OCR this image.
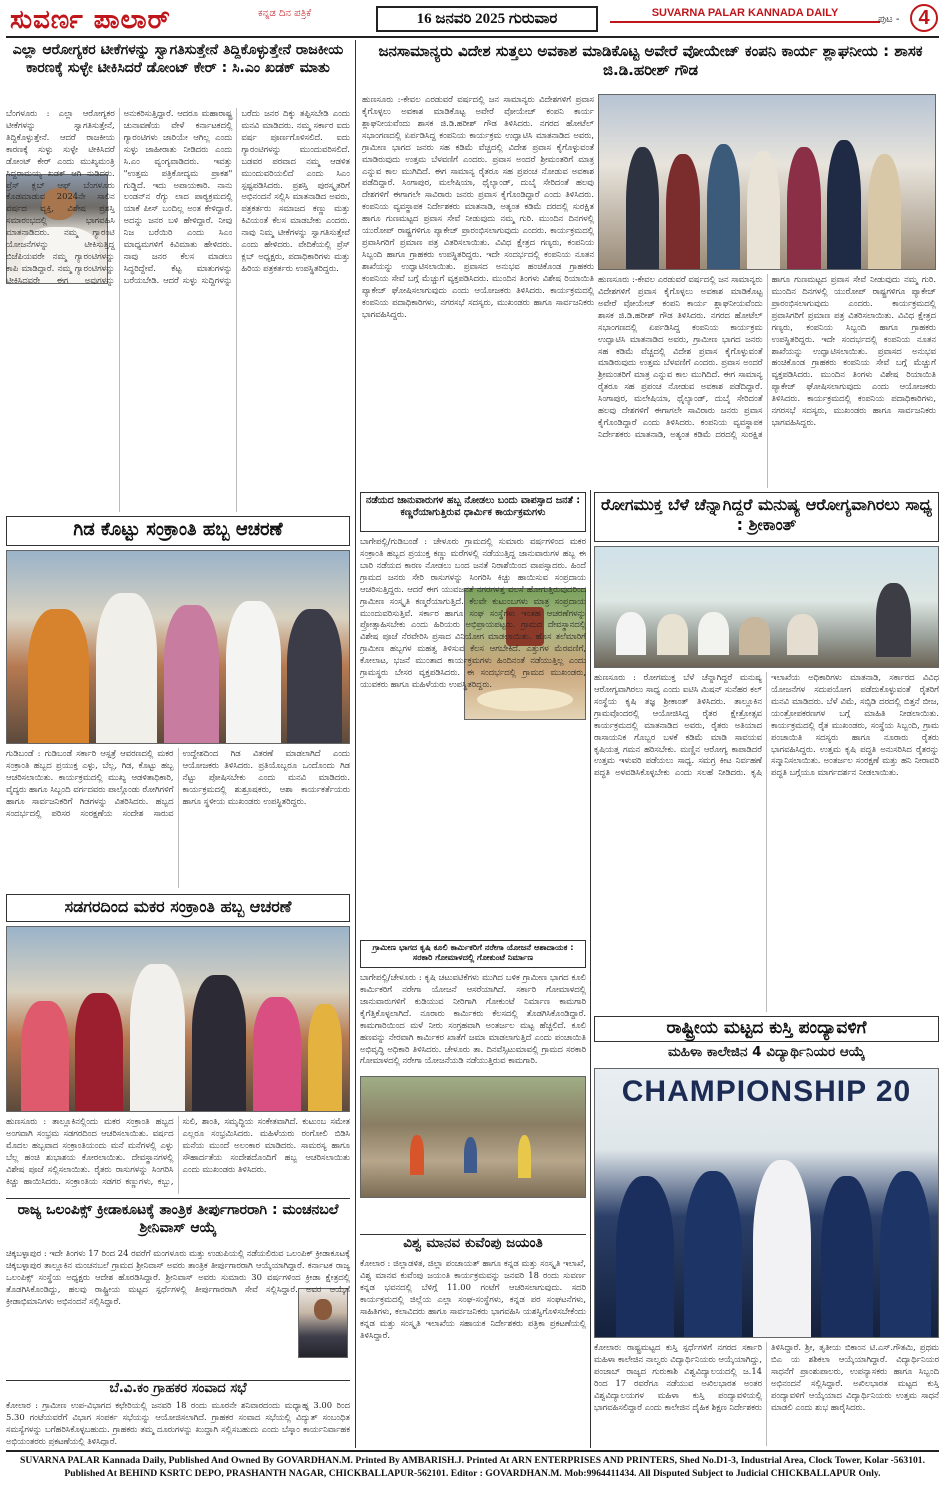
ಸುವರ್ಣ ಪಾಲಾರ್	ಕನ್ನಡ ದಿನ ಪತ್ರಿಕೆ	16 ಜನವರಿ 2025 ಗುರುವಾರ	SUVARNA PALAR KANNADA DAILY
ಪುಟ - 4
ಎಲ್ಲಾ ಆರೋಗ್ಯಕರ ಟೀಕೆಗಳನ್ನು ಸ್ವಾಗತಿಸುತ್ತೇನೆ ತಿದ್ದಿಕೊಳ್ಳುತ್ತೇನೆ ರಾಜಕೀಯ ಕಾರಣಕ್ಕೆ ಸುಳ್ಳೇ ಟೀಕಿಸಿದರೆ ಡೋಂಟ್ ಕೇರ್ : ಸಿ.ಎಂ ಖಡಕ್ ಮಾತು
ಬೆಂಗಳೂರು : ಎಲ್ಲಾ ಆರೋಗ್ಯಕರ ಟೀಕೆಗಳನ್ನು ಸ್ವಾಗತಿಸುತ್ತೇನೆ, ತಿದ್ದಿಕೊಳ್ಳುತ್ತೇನೆ. ಆದರೆ ರಾಜಕೀಯ ಕಾರಣಕ್ಕೆ ಸುಳ್ಳು ಸುಳ್ಳೇ ಟೀಕಿಸಿದರೆ ಡೋಂಟ್ ಕೇರ್ ಎಂದು ಮುಖ್ಯಮಂತ್ರಿ ಸಿದ್ದರಾಮಯ್ಯ ಖಡಕ್ ಆಗಿ ನುಡಿದರು. ಪ್ರೆಸ್ ಕ್ಲಬ್ ಆಫ್ ಬೆಂಗಳೂರು ಕೊಡಮಾಡುವ 2024ನೇ ಸಾಲಿನ ವರ್ಷದ ವ್ಯಕ್ತಿ, ವಿಶೇಷ ಪ್ರಶಸ್ತಿ ಸಮಾರಂಭದಲ್ಲಿ ಭಾಗವಹಿಸಿ ಮಾತನಾಡಿದರು. ನಮ್ಮ ಗ್ಯಾರಂಟಿ ಯೋಜನೆಗಳನ್ನು ಟೀಕಿಸುತ್ತಿದ್ದ ಬಿಜೆಪಿಯವರೇ ನಮ್ಮ ಗ್ಯಾರಂಟಿಗಳನ್ನು ಕಾಪಿ ಮಾಡಿದ್ದಾರೆ. ನಮ್ಮ ಗ್ಯಾರಂಟಿಗಳನ್ನು ಟೀಕಿಸಿದವರೇ ಈಗ ಅವುಗಳನ್ನು ಅನುಕರಿಸುತ್ತಿದ್ದಾರೆ. ಆದರೂ ಮಹಾರಾಷ್ಟ್ರ ಚುನಾವಣೆಯ ವೇಳೆ ಕರ್ನಾಟಕದಲ್ಲಿ ಗ್ಯಾರಂಟಿಗಳು ಜಾರಿಯೇ ಆಗಿಲ್ಲ ಎಂದು ಸುಳ್ಳು ಜಾಹೀರಾತು ನೀಡಿದರು ಎಂದು ಸಿ.ಎಂ ವ್ಯಂಗ್ಯವಾಡಿದರು. ಇವತ್ತು "ಉತ್ತಮ ಪತ್ರಿಕೋದ್ಯಮ ಪ್ರಾಕಶ" ಗುಡ್ಡಿದೆ. ಇದು ಅಪಾಯಕಾರಿ. ನಾನು ಲಂಡನ್‌ನ ರೆಗ್ಯು ಲಾದ ಪಾಠ್ಯಕ್ರಮದಲ್ಲಿ ಯಾಕೆ ಪೀಸ್ ಬಂದಿಲ್ಲ ಅಂತ ಕೇಳಿದ್ದಾರೆ. ಅದನ್ನು ಜನರ ಬಳಿ ಹೇಳಿದ್ದಾರೆ. ನೀವು ನಿಜ ಬರೆಯಿರಿ ಎಂದು ಸಿಎಂ ಮಾಧ್ಯಮಗಳಿಗೆ ಕಿವಿಮಾತು ಹೇಳಿದರು. ನಾವು ಜನರ ಕೆಲಸ ಮಾಡಲು ಸಿದ್ಧರಿದ್ದೇವೆ. ಕೆಟ್ಟ ಮಾತುಗಳನ್ನು ಬರೆಯಬೇಡಿ. ಆದರೆ ಸುಳ್ಳು ಸುದ್ದಿಗಳನ್ನು ಬರೆದು ಜನರ ದಿಕ್ಕು ತಪ್ಪಿಸಬೇಡಿ ಎಂದು ಮನವಿ ಮಾಡಿದರು. ನಮ್ಮ ಸರ್ಕಾರ ಐದು ವರ್ಷ ಪೂರ್ಣಗೊಳಿಸಲಿದೆ. ಐದು ಗ್ಯಾರಂಟಿಗಳನ್ನು ಮುಂದುವರಿಸಲಿದೆ. ಬಡವರ ಪರವಾದ ನಮ್ಮ ಆಡಳಿತ ಮುಂದುವರಿಯಲಿದೆ ಎಂದು ಸಿಎಂ ಸ್ಪಷ್ಟಪಡಿಸಿದರು. ಪ್ರಶಸ್ತಿ ಪುರಸ್ಕೃತರಿಗೆ ಅಭಿನಂದನೆ ಸಲ್ಲಿಸಿ ಮಾತನಾಡಿದ ಅವರು, ಪತ್ರಕರ್ತರು ಸಮಾಜದ ಕಣ್ಣು ಮತ್ತು ಕಿವಿಯಂತೆ ಕೆಲಸ ಮಾಡಬೇಕು ಎಂದರು. ನಾವು ನಿಮ್ಮ ಟೀಕೆಗಳನ್ನು ಸ್ವಾಗತಿಸುತ್ತೇವೆ ಎಂದು ಹೇಳಿದರು. ವೇದಿಕೆಯಲ್ಲಿ ಪ್ರೆಸ್ ಕ್ಲಬ್ ಅಧ್ಯಕ್ಷರು, ಪದಾಧಿಕಾರಿಗಳು ಮತ್ತು ಹಿರಿಯ ಪತ್ರಕರ್ತರು ಉಪಸ್ಥಿತರಿದ್ದರು.
ಜನಸಾಮಾನ್ಯರು ವಿದೇಶ ಸುತ್ತಲು ಅವಕಾಶ ಮಾಡಿಕೊಟ್ಟ ಅವೇರೆ ವೋಯೇಜ್ ಕಂಪನಿ ಕಾರ್ಯ ಶ್ಲಾಘನೀಯ : ಶಾಸಕ ಜಿ.ಡಿ.ಹರೀಶ್ ಗೌಡ
ಹುಣಸೂರು :-ಕೇವಲ ಎರಡುವರೆ ವರ್ಷದಲ್ಲಿ ಜನ ಸಾಮಾನ್ಯರು ವಿದೇಶಗಳಿಗೆ ಪ್ರವಾಸ ಕೈಗೊಳ್ಳಲು ಅವಕಾಶ ಮಾಡಿಕೊಟ್ಟ ಅವೇರೆ ವೋಯೇಜ್ ಕಂಪನಿ ಕಾರ್ಯ ಶ್ಲಾಘನೀಯವೆಂದು ಶಾಸಕ ಜಿ.ಡಿ.ಹರೀಶ್ ಗೌಡ ತಿಳಿಸಿದರು. ನಗರದ ಹೋಟೆಲ್ ಸಭಾಂಗಣದಲ್ಲಿ ಏರ್ಪಡಿಸಿದ್ದ ಕಂಪನಿಯ ಕಾರ್ಯಕ್ರಮ ಉದ್ಘಾಟಿಸಿ ಮಾತನಾಡಿದ ಅವರು, ಗ್ರಾಮೀಣ ಭಾಗದ ಜನರು ಸಹ ಕಡಿಮೆ ವೆಚ್ಚದಲ್ಲಿ ವಿದೇಶ ಪ್ರವಾಸ ಕೈಗೊಳ್ಳುವಂತೆ ಮಾಡಿರುವುದು ಉತ್ತಮ ಬೆಳವಣಿಗೆ ಎಂದರು. ಪ್ರವಾಸ ಅಂದರೆ ಶ್ರೀಮಂತರಿಗೆ ಮಾತ್ರ ಎನ್ನುವ ಕಾಲ ಮುಗಿದಿದೆ. ಈಗ ಸಾಮಾನ್ಯ ರೈತರೂ ಸಹ ಪ್ರಪಂಚ ನೋಡುವ ಅವಕಾಶ ಪಡೆದಿದ್ದಾರೆ. ಸಿಂಗಾಪುರ, ಮಲೇಷಿಯಾ, ಥೈಲ್ಯಾಂಡ್, ದುಬೈ ಸೇರಿದಂತೆ ಹಲವು ದೇಶಗಳಿಗೆ ಈಗಾಗಲೇ ಸಾವಿರಾರು ಜನರು ಪ್ರವಾಸ ಕೈಗೊಂಡಿದ್ದಾರೆ ಎಂದು ತಿಳಿಸಿದರು. ಕಂಪನಿಯ ವ್ಯವಸ್ಥಾಪಕ ನಿರ್ದೇಶಕರು ಮಾತನಾಡಿ, ಅತ್ಯಂತ ಕಡಿಮೆ ದರದಲ್ಲಿ ಸುರಕ್ಷಿತ ಹಾಗೂ ಗುಣಮಟ್ಟದ ಪ್ರವಾಸ ಸೇವೆ ನೀಡುವುದು ನಮ್ಮ ಗುರಿ. ಮುಂದಿನ ದಿನಗಳಲ್ಲಿ ಯುರೋಪ್ ರಾಷ್ಟ್ರಗಳಿಗೂ ಪ್ಯಾಕೇಜ್ ಪ್ರಾರಂಭಿಸಲಾಗುವುದು ಎಂದರು. ಕಾರ್ಯಕ್ರಮದಲ್ಲಿ ಪ್ರವಾಸಿಗರಿಗೆ ಪ್ರಮಾಣ ಪತ್ರ ವಿತರಿಸಲಾಯಿತು. ವಿವಿಧ ಕ್ಷೇತ್ರದ ಗಣ್ಯರು, ಕಂಪನಿಯ ಸಿಬ್ಬಂದಿ ಹಾಗೂ ಗ್ರಾಹಕರು ಉಪಸ್ಥಿತರಿದ್ದರು. ಇದೇ ಸಂದರ್ಭದಲ್ಲಿ ಕಂಪನಿಯ ನೂತನ ಶಾಖೆಯನ್ನು ಉದ್ಘಾಟಿಸಲಾಯಿತು. ಪ್ರವಾಸದ ಅನುಭವ ಹಂಚಿಕೊಂಡ ಗ್ರಾಹಕರು ಕಂಪನಿಯ ಸೇವೆ ಬಗ್ಗೆ ಮೆಚ್ಚುಗೆ ವ್ಯಕ್ತಪಡಿಸಿದರು. ಮುಂದಿನ ತಿಂಗಳು ವಿಶೇಷ ರಿಯಾಯಿತಿ ಪ್ಯಾಕೇಜ್ ಘೋಷಿಸಲಾಗುವುದು ಎಂದು ಆಯೋಜಕರು ತಿಳಿಸಿದರು. ಕಾರ್ಯಕ್ರಮದಲ್ಲಿ ಕಂಪನಿಯ ಪದಾಧಿಕಾರಿಗಳು, ನಗರಸಭೆ ಸದಸ್ಯರು, ಮುಖಂಡರು ಹಾಗೂ ಸಾರ್ವಜನಿಕರು ಭಾಗವಹಿಸಿದ್ದರು.
ಹುಣಸೂರು :-ಕೇವಲ ಎರಡುವರೆ ವರ್ಷದಲ್ಲಿ ಜನ ಸಾಮಾನ್ಯರು ವಿದೇಶಗಳಿಗೆ ಪ್ರವಾಸ ಕೈಗೊಳ್ಳಲು ಅವಕಾಶ ಮಾಡಿಕೊಟ್ಟ ಅವೇರೆ ವೋಯೇಜ್ ಕಂಪನಿ ಕಾರ್ಯ ಶ್ಲಾಘನೀಯವೆಂದು ಶಾಸಕ ಜಿ.ಡಿ.ಹರೀಶ್ ಗೌಡ ತಿಳಿಸಿದರು. ನಗರದ ಹೋಟೆಲ್ ಸಭಾಂಗಣದಲ್ಲಿ ಏರ್ಪಡಿಸಿದ್ದ ಕಂಪನಿಯ ಕಾರ್ಯಕ್ರಮ ಉದ್ಘಾಟಿಸಿ ಮಾತನಾಡಿದ ಅವರು, ಗ್ರಾಮೀಣ ಭಾಗದ ಜನರು ಸಹ ಕಡಿಮೆ ವೆಚ್ಚದಲ್ಲಿ ವಿದೇಶ ಪ್ರವಾಸ ಕೈಗೊಳ್ಳುವಂತೆ ಮಾಡಿರುವುದು ಉತ್ತಮ ಬೆಳವಣಿಗೆ ಎಂದರು. ಪ್ರವಾಸ ಅಂದರೆ ಶ್ರೀಮಂತರಿಗೆ ಮಾತ್ರ ಎನ್ನುವ ಕಾಲ ಮುಗಿದಿದೆ. ಈಗ ಸಾಮಾನ್ಯ ರೈತರೂ ಸಹ ಪ್ರಪಂಚ ನೋಡುವ ಅವಕಾಶ ಪಡೆದಿದ್ದಾರೆ. ಸಿಂಗಾಪುರ, ಮಲೇಷಿಯಾ, ಥೈಲ್ಯಾಂಡ್, ದುಬೈ ಸೇರಿದಂತೆ ಹಲವು ದೇಶಗಳಿಗೆ ಈಗಾಗಲೇ ಸಾವಿರಾರು ಜನರು ಪ್ರವಾಸ ಕೈಗೊಂಡಿದ್ದಾರೆ ಎಂದು ತಿಳಿಸಿದರು. ಕಂಪನಿಯ ವ್ಯವಸ್ಥಾಪಕ ನಿರ್ದೇಶಕರು ಮಾತನಾಡಿ, ಅತ್ಯಂತ ಕಡಿಮೆ ದರದಲ್ಲಿ ಸುರಕ್ಷಿತ ಹಾಗೂ ಗುಣಮಟ್ಟದ ಪ್ರವಾಸ ಸೇವೆ ನೀಡುವುದು ನಮ್ಮ ಗುರಿ. ಮುಂದಿನ ದಿನಗಳಲ್ಲಿ ಯುರೋಪ್ ರಾಷ್ಟ್ರಗಳಿಗೂ ಪ್ಯಾಕೇಜ್ ಪ್ರಾರಂಭಿಸಲಾಗುವುದು ಎಂದರು. ಕಾರ್ಯಕ್ರಮದಲ್ಲಿ ಪ್ರವಾಸಿಗರಿಗೆ ಪ್ರಮಾಣ ಪತ್ರ ವಿತರಿಸಲಾಯಿತು. ವಿವಿಧ ಕ್ಷೇತ್ರದ ಗಣ್ಯರು, ಕಂಪನಿಯ ಸಿಬ್ಬಂದಿ ಹಾಗೂ ಗ್ರಾಹಕರು ಉಪಸ್ಥಿತರಿದ್ದರು. ಇದೇ ಸಂದರ್ಭದಲ್ಲಿ ಕಂಪನಿಯ ನೂತನ ಶಾಖೆಯನ್ನು ಉದ್ಘಾಟಿಸಲಾಯಿತು. ಪ್ರವಾಸದ ಅನುಭವ ಹಂಚಿಕೊಂಡ ಗ್ರಾಹಕರು ಕಂಪನಿಯ ಸೇವೆ ಬಗ್ಗೆ ಮೆಚ್ಚುಗೆ ವ್ಯಕ್ತಪಡಿಸಿದರು. ಮುಂದಿನ ತಿಂಗಳು ವಿಶೇಷ ರಿಯಾಯಿತಿ ಪ್ಯಾಕೇಜ್ ಘೋಷಿಸಲಾಗುವುದು ಎಂದು ಆಯೋಜಕರು ತಿಳಿಸಿದರು. ಕಾರ್ಯಕ್ರಮದಲ್ಲಿ ಕಂಪನಿಯ ಪದಾಧಿಕಾರಿಗಳು, ನಗರಸಭೆ ಸದಸ್ಯರು, ಮುಖಂಡರು ಹಾಗೂ ಸಾರ್ವಜನಿಕರು ಭಾಗವಹಿಸಿದ್ದರು.
ಗಿಡ ಕೊಟ್ಟು ಸಂಕ್ರಾಂತಿ ಹಬ್ಬ ಆಚರಣೆ
ಗುಡಿಬಂಡೆ : ಗುಡಿಬಂಡೆ ಸರ್ಕಾರಿ ಆಸ್ಪತ್ರೆ ಆವರಣದಲ್ಲಿ ಮಕರ ಸಂಕ್ರಾಂತಿ ಹಬ್ಬದ ಪ್ರಯುಕ್ತ ಎಳ್ಳು, ಬೆಲ್ಲ, ಗಿಡ, ಕೊಟ್ಟು ಹಬ್ಬ ಆಚರಿಸಲಾಯಿತು. ಕಾರ್ಯಕ್ರಮದಲ್ಲಿ ಮುಖ್ಯ ಆಡಳಿತಾಧಿಕಾರಿ, ವೈದ್ಯರು ಹಾಗೂ ಸಿಬ್ಬಂದಿ ವರ್ಗದವರು ಪಾಲ್ಗೊಂಡು ರೋಗಿಗಳಿಗೆ ಹಾಗೂ ಸಾರ್ವಜನಿಕರಿಗೆ ಗಿಡಗಳನ್ನು ವಿತರಿಸಿದರು. ಹಬ್ಬದ ಸಂದರ್ಭದಲ್ಲಿ ಪರಿಸರ ಸಂರಕ್ಷಣೆಯ ಸಂದೇಶ ಸಾರುವ ಉದ್ದೇಶದಿಂದ ಗಿಡ ವಿತರಣೆ ಮಾಡಲಾಗಿದೆ ಎಂದು ಆಯೋಜಕರು ತಿಳಿಸಿದರು. ಪ್ರತಿಯೊಬ್ಬರೂ ಒಂದೊಂದು ಗಿಡ ನೆಟ್ಟು ಪೋಷಿಸಬೇಕು ಎಂದು ಮನವಿ ಮಾಡಿದರು. ಕಾರ್ಯಕ್ರಮದಲ್ಲಿ ಶುಶ್ರೂಷಕರು, ಆಶಾ ಕಾರ್ಯಕರ್ತೆಯರು ಹಾಗೂ ಸ್ಥಳೀಯ ಮುಖಂಡರು ಉಪಸ್ಥಿತರಿದ್ದರು.
ಸಡಗರದಿಂದ ಮಕರ ಸಂಕ್ರಾಂತಿ ಹಬ್ಬ ಆಚರಣೆ
ಹುಣಸೂರು : ತಾಲ್ಲೂಕಿನಲ್ಲಿಂದು ಮಕರ ಸಂಕ್ರಾಂತಿ ಹಬ್ಬದ ಅಂಗವಾಗಿ ಸಂಭ್ರಮ ಸಡಗರದಿಂದ ಆಚರಿಸಲಾಯಿತು. ವರ್ಷದ ಮೊದಲ ಹಬ್ಬವಾದ ಸಂಕ್ರಾಂತಿಯಂದು ಮನೆ ಮನೆಗಳಲ್ಲಿ ಎಳ್ಳು ಬೆಲ್ಲ ಹಂಚಿ ಶುಭಾಶಯ ಕೋರಲಾಯಿತು. ದೇವಸ್ಥಾನಗಳಲ್ಲಿ ವಿಶೇಷ ಪೂಜೆ ಸಲ್ಲಿಸಲಾಯಿತು. ರೈತರು ರಾಸುಗಳನ್ನು ಸಿಂಗರಿಸಿ ಕಿಚ್ಚು ಹಾಯಿಸಿದರು. ಸಂಕ್ರಾಂತಿಯ ಸಡಗರ ಕಣ್ಣುಗಳು, ಕಬ್ಬು, ಸುಲಿ, ಶಾಂತಿ, ಸಮೃದ್ಧಿಯ ಸಂಕೇತವಾಗಿದೆ. ಕುಟುಂಬ ಸಮೇತ ಎಲ್ಲರೂ ಸಂಭ್ರಮಿಸಿದರು. ಮಹಿಳೆಯರು ರಂಗೋಲಿ ಬಿಡಿಸಿ ಮನೆಯ ಮುಂದೆ ಅಲಂಕಾರ ಮಾಡಿದರು. ಸಾಮರಸ್ಯ ಹಾಗೂ ಸೌಹಾರ್ದತೆಯ ಸಂದೇಶದೊಂದಿಗೆ ಹಬ್ಬ ಆಚರಿಸಲಾಯಿತು ಎಂದು ಮುಖಂಡರು ತಿಳಿಸಿದರು.
ರಾಜ್ಯ ಒಲಂಪಿಕ್ಸ್ ಕ್ರೀಡಾಕೂಟಕ್ಕೆ ತಾಂತ್ರಿಕ ತೀರ್ಪುಗಾರರಾಗಿ : ಮಂಚನಬಲೆ ಶ್ರೀನಿವಾಸ್ ಆಯ್ಕೆ
ಚಿಕ್ಕಬಳ್ಳಾಪುರ : ಇದೇ ತಿಂಗಳು 17 ರಿಂದ 24 ರವರೆಗೆ ಮಂಗಳೂರು ಮತ್ತು ಉಡುಪಿಯಲ್ಲಿ ನಡೆಯಲಿರುವ ಒಲಂಪಿಕ್ ಕ್ರೀಡಾಕೂಟಕ್ಕೆ ಚಿಕ್ಕಬಳ್ಳಾಪುರ ತಾಲ್ಲೂಕಿನ ಮಂಚನಬಲೆ ಗ್ರಾಮದ ಶ್ರೀನಿವಾಸ್ ಅವರು ತಾಂತ್ರಿಕ ತೀರ್ಪುಗಾರರಾಗಿ ಆಯ್ಕೆಯಾಗಿದ್ದಾರೆ. ಕರ್ನಾಟಕ ರಾಜ್ಯ ಒಲಂಪಿಕ್ಸ್ ಸಂಸ್ಥೆಯ ಅಧ್ಯಕ್ಷರು ಆದೇಶ ಹೊರಡಿಸಿದ್ದಾರೆ. ಶ್ರೀನಿವಾಸ್ ಅವರು ಸುಮಾರು 30 ವರ್ಷಗಳಿಂದ ಕ್ರೀಡಾ ಕ್ಷೇತ್ರದಲ್ಲಿ ತೊಡಗಿಸಿಕೊಂಡಿದ್ದು, ಹಲವು ರಾಷ್ಟ್ರೀಯ ಮಟ್ಟದ ಸ್ಪರ್ಧೆಗಳಲ್ಲಿ ತೀರ್ಪುಗಾರರಾಗಿ ಸೇವೆ ಸಲ್ಲಿಸಿದ್ದಾರೆ. ಅವರ ಆಯ್ಕೆಗೆ ಕ್ರೀಡಾಭಿಮಾನಿಗಳು ಅಭಿನಂದನೆ ಸಲ್ಲಿಸಿದ್ದಾರೆ.
ಬೆ.ವಿ.ಕಂ ಗ್ರಾಹಕರ ಸಂವಾದ ಸಭೆ
ಕೋಲಾರ : ಗ್ರಾಮೀಣ ಉಪ-ವಿಭಾಗದ ಕಛೇರಿಯಲ್ಲಿ ಜನವರಿ 18 ರಂದು ಮೂರನೇ ಶನಿವಾರದಂದು ಮಧ್ಯಾಹ್ನ 3.00 ರಿಂದ 5.30 ಗಂಟೆಯವರೆಗೆ ವಿಭಾಗ ಸಂಪರ್ಕ ಸಭೆಯನ್ನು ಆಯೋಜಿಸಲಾಗಿದೆ. ಗ್ರಾಹಕರ ಸಂವಾದ ಸಭೆಯಲ್ಲಿ ವಿದ್ಯುತ್ ಸಂಬಂಧಿತ ಸಮಸ್ಯೆಗಳನ್ನು ಬಗೆಹರಿಸಿಕೊಳ್ಳಬಹುದು. ಗ್ರಾಹಕರು ತಮ್ಮ ದೂರುಗಳನ್ನು ಖುದ್ದಾಗಿ ಸಲ್ಲಿಸಬಹುದು ಎಂದು ಬೆಸ್ಕಾಂ ಕಾರ್ಯನಿರ್ವಾಹಕ ಅಭಿಯಂತರರು ಪ್ರಕಟಣೆಯಲ್ಲಿ ತಿಳಿಸಿದ್ದಾರೆ.
ನಡೆಯದ ಜಾನುವಾರುಗಳ ಹಬ್ಬ ನೋಡಲು ಬಂದು ವಾಪಸ್ಸಾದ ಜನತೆ : ಕಣ್ಣರೆಯಾಗುತ್ತಿರುವ ಧಾರ್ಮಿಕ ಕಾರ್ಯಕ್ರಮಗಳು
ಬಾಗೇಪಲ್ಲಿ/ಗುಡಿಬಂಡೆ : ಚೇಳೂರು ಗ್ರಾಮದಲ್ಲಿ ಸುಮಾರು ವರ್ಷಗಳಿಂದ ಮಕರ ಸಂಕ್ರಾಂತಿ ಹಬ್ಬದ ಪ್ರಯುಕ್ತ ಕಣ್ಣು ಮರೆಗಳಲ್ಲಿ ನಡೆಯುತ್ತಿದ್ದ ಜಾನುವಾರುಗಳ ಹಬ್ಬ ಈ ಬಾರಿ ನಡೆಯದ ಕಾರಣ ನೋಡಲು ಬಂದ ಜನತೆ ನಿರಾಶೆಯಿಂದ ವಾಪಸ್ಸಾದರು. ಹಿಂದೆ ಗ್ರಾಮದ ಜನರು ಸೇರಿ ರಾಸುಗಳನ್ನು ಸಿಂಗರಿಸಿ ಕಿಚ್ಚು ಹಾಯಿಸುವ ಸಂಪ್ರದಾಯ ಆಚರಿಸುತ್ತಿದ್ದರು. ಆದರೆ ಈಗ ಯುವಜನತೆ ನಗರಗಳತ್ತ ವಲಸೆ ಹೋಗುತ್ತಿರುವುದರಿಂದ ಗ್ರಾಮೀಣ ಸಂಸ್ಕೃತಿ ಕಣ್ಮರೆಯಾಗುತ್ತಿದೆ. ಕೆಲವೇ ಕುಟುಂಬಗಳು ಮಾತ್ರ ಸಂಪ್ರದಾಯ ಮುಂದುವರಿಸುತ್ತಿವೆ. ಸರ್ಕಾರ ಹಾಗೂ ಸಂಘ ಸಂಸ್ಥೆಗಳು ಇಂತಹ ಆಚರಣೆಗಳನ್ನು ಪ್ರೋತ್ಸಾಹಿಸಬೇಕು ಎಂದು ಹಿರಿಯರು ಅಭಿಪ್ರಾಯಪಟ್ಟರು. ಗ್ರಾಮದ ದೇವಸ್ಥಾನದಲ್ಲಿ ವಿಶೇಷ ಪೂಜೆ ನೆರವೇರಿಸಿ ಪ್ರಸಾದ ವಿನಿಯೋಗ ಮಾಡಲಾಯಿತು. ಹೊಸ ತಲೆಮಾರಿಗೆ ಗ್ರಾಮೀಣ ಹಬ್ಬಗಳ ಮಹತ್ವ ತಿಳಿಸುವ ಕೆಲಸ ಆಗಬೇಕಿದೆ. ಎತ್ತುಗಳ ಮೆರವಣಿಗೆ, ಕೋಲಾಟ, ಭಜನೆ ಮುಂತಾದ ಕಾರ್ಯಕ್ರಮಗಳು ಹಿಂದಿನಂತೆ ನಡೆಯುತ್ತಿಲ್ಲ ಎಂದು ಗ್ರಾಮಸ್ಥರು ಬೇಸರ ವ್ಯಕ್ತಪಡಿಸಿದರು. ಈ ಸಂದರ್ಭದಲ್ಲಿ ಗ್ರಾಮದ ಮುಖಂಡರು, ಯುವಕರು ಹಾಗೂ ಮಹಿಳೆಯರು ಉಪಸ್ಥಿತರಿದ್ದರು.
ಗ್ರಾಮೀಣ ಭಾಗದ ಕೃಷಿ ಕೂಲಿ ಕಾರ್ಮಿಕರಿಗೆ ನರೇಗಾ ಯೋಜನೆ ಆಶಾದಾಯಕ : ಸರಕಾರಿ ಗೋಮಾಳದಲ್ಲಿ ಗೋಕುಂಟೆ ನಿರ್ಮಾಣ
ಬಾಗೇಪಲ್ಲಿ/ಚೇಳೂರು : ಕೃಷಿ ಚಟುವಟಿಕೆಗಳು ಮುಗಿದ ಬಳಿಕ ಗ್ರಾಮೀಣ ಭಾಗದ ಕೂಲಿ ಕಾರ್ಮಿಕರಿಗೆ ನರೇಗಾ ಯೋಜನೆ ಆಸರೆಯಾಗಿದೆ. ಸರ್ಕಾರಿ ಗೋಮಾಳದಲ್ಲಿ ಜಾನುವಾರುಗಳಿಗೆ ಕುಡಿಯುವ ನೀರಿಗಾಗಿ ಗೋಕುಂಟೆ ನಿರ್ಮಾಣ ಕಾಮಗಾರಿ ಕೈಗೆತ್ತಿಕೊಳ್ಳಲಾಗಿದೆ. ನೂರಾರು ಕಾರ್ಮಿಕರು ಕೆಲಸದಲ್ಲಿ ತೊಡಗಿಸಿಕೊಂಡಿದ್ದಾರೆ. ಕಾಮಗಾರಿಯಿಂದ ಮಳೆ ನೀರು ಸಂಗ್ರಹವಾಗಿ ಅಂತರ್ಜಲ ಮಟ್ಟ ಹೆಚ್ಚಲಿದೆ. ಕೂಲಿ ಹಣವನ್ನು ನೇರವಾಗಿ ಕಾರ್ಮಿಕರ ಖಾತೆಗೆ ಜಮಾ ಮಾಡಲಾಗುತ್ತಿದೆ ಎಂದು ಪಂಚಾಯಿತಿ ಅಭಿವೃದ್ಧಿ ಅಧಿಕಾರಿ ತಿಳಿಸಿದರು. ಚೇಳೂರು ತಾ. ದಿನವೆಸ್ಸಿಟುಮಾವಲ್ಲಿ ಗ್ರಾಮದ ಸರಕಾರಿ ಗೋಮಾಳದಲ್ಲಿ ನರೇಗಾ ಯೋಜನೆಯಡಿ ನಡೆಯುತ್ತಿರುವ ಕಾಮಗಾರಿ.
ವಿಶ್ವ ಮಾನವ ಕುವೆಂಪು ಜಯಂತಿ
ಕೋಲಾರ : ಜಿಲ್ಲಾಡಳಿತ, ಜಿಲ್ಲಾ ಪಂಚಾಯತ್ ಹಾಗೂ ಕನ್ನಡ ಮತ್ತು ಸಂಸ್ಕೃತಿ ಇಲಾಖೆ, ವಿಶ್ವ ಮಾನವ ಕುವೆಂಪು ಜಯಂತಿ ಕಾರ್ಯಕ್ರಮವನ್ನು ಜನವರಿ 18 ರಂದು ಸುವರ್ಣ ಕನ್ನಡ ಭವನದಲ್ಲಿ ಬೆಳಿಗ್ಗೆ 11.00 ಗಂಟೆಗೆ ಆಚರಿಸಲಾಗುವುದು. ಸದರಿ ಕಾರ್ಯಕ್ರಮದಲ್ಲಿ ಜಿಲ್ಲೆಯ ಎಲ್ಲಾ ಸಂಘ-ಸಂಸ್ಥೆಗಳು, ಕನ್ನಡ ಪರ ಸಂಘಟನೆಗಳು, ಸಾಹಿತಿಗಳು, ಕಲಾವಿದರು ಹಾಗೂ ಸಾರ್ವಜನಿಕರು ಭಾಗವಹಿಸಿ ಯಶಸ್ವಿಗೊಳಿಸಬೇಕೆಂದು ಕನ್ನಡ ಮತ್ತು ಸಂಸ್ಕೃತಿ ಇಲಾಖೆಯ ಸಹಾಯಕ ನಿರ್ದೇಶಕರು ಪತ್ರಿಕಾ ಪ್ರಕಟಣೆಯಲ್ಲಿ ತಿಳಿಸಿದ್ದಾರೆ.
ರೋಗಮುಕ್ತ ಬೆಳೆ ಚೆನ್ನಾಗಿದ್ದರೆ ಮನುಷ್ಯ ಆರೋಗ್ಯವಾಗಿರಲು ಸಾಧ್ಯ : ಶ್ರೀಕಾಂತ್
ಹುಣಸೂರು : ರೋಗಮುಕ್ತ ಬೆಳೆ ಚೆನ್ನಾಗಿದ್ದರೆ ಮನುಷ್ಯ ಆರೋಗ್ಯವಾಗಿರಲು ಸಾಧ್ಯ ಎಂದು ಐಟಿಸಿ ಮಿಷನ್ ಸುನೆಹರ ಕಲ್ ಸಂಸ್ಥೆಯ ಕೃಷಿ ತಜ್ಞ ಶ್ರೀಕಾಂತ್ ತಿಳಿಸಿದರು. ತಾಲ್ಲೂಕಿನ ಗ್ರಾಮವೊಂದರಲ್ಲಿ ಆಯೋಜಿಸಿದ್ದ ರೈತರ ಕ್ಷೇತ್ರೋತ್ಸವ ಕಾರ್ಯಕ್ರಮದಲ್ಲಿ ಮಾತನಾಡಿದ ಅವರು, ರೈತರು ಅತಿಯಾದ ರಾಸಾಯನಿಕ ಗೊಬ್ಬರ ಬಳಕೆ ಕಡಿಮೆ ಮಾಡಿ ಸಾವಯವ ಕೃಷಿಯತ್ತ ಗಮನ ಹರಿಸಬೇಕು. ಮಣ್ಣಿನ ಆರೋಗ್ಯ ಕಾಪಾಡಿದರೆ ಉತ್ತಮ ಇಳುವರಿ ಪಡೆಯಲು ಸಾಧ್ಯ. ಸಮಗ್ರ ಕೀಟ ನಿರ್ವಹಣೆ ಪದ್ಧತಿ ಅಳವಡಿಸಿಕೊಳ್ಳಬೇಕು ಎಂದು ಸಲಹೆ ನೀಡಿದರು. ಕೃಷಿ ಇಲಾಖೆಯ ಅಧಿಕಾರಿಗಳು ಮಾತನಾಡಿ, ಸರ್ಕಾರದ ವಿವಿಧ ಯೋಜನೆಗಳ ಸದುಪಯೋಗ ಪಡೆದುಕೊಳ್ಳುವಂತೆ ರೈತರಿಗೆ ಮನವಿ ಮಾಡಿದರು. ಬೆಳೆ ವಿಮೆ, ಸಬ್ಸಿಡಿ ದರದಲ್ಲಿ ಬಿತ್ತನೆ ಬೀಜ, ಯಂತ್ರೋಪಕರಣಗಳ ಬಗ್ಗೆ ಮಾಹಿತಿ ನೀಡಲಾಯಿತು. ಕಾರ್ಯಕ್ರಮದಲ್ಲಿ ರೈತ ಮುಖಂಡರು, ಸಂಸ್ಥೆಯ ಸಿಬ್ಬಂದಿ, ಗ್ರಾಮ ಪಂಚಾಯಿತಿ ಸದಸ್ಯರು ಹಾಗೂ ನೂರಾರು ರೈತರು ಭಾಗವಹಿಸಿದ್ದರು. ಉತ್ತಮ ಕೃಷಿ ಪದ್ಧತಿ ಅನುಸರಿಸಿದ ರೈತರನ್ನು ಸನ್ಮಾನಿಸಲಾಯಿತು. ಅಂತರ್ಜಲ ಸಂರಕ್ಷಣೆ ಮತ್ತು ಹನಿ ನೀರಾವರಿ ಪದ್ಧತಿ ಬಗ್ಗೆಯೂ ಮಾರ್ಗದರ್ಶನ ನೀಡಲಾಯಿತು.
ರಾಷ್ಟ್ರೀಯ ಮಟ್ಟದ ಕುಸ್ತಿ ಪಂದ್ಯಾವಳಿಗೆ
ಮಹಿಳಾ ಕಾಲೇಜಿನ 4 ವಿದ್ಯಾರ್ಥಿನಿಯರ ಆಯ್ಕೆ
CHAMPIONSHIP 20
ಕೋಲಾರ: ರಾಷ್ಟ್ರಮಟ್ಟದ ಕುಸ್ತಿ ಸ್ಪರ್ಧೆಗಳಿಗೆ ನಗರದ ಸರ್ಕಾರಿ ಮಹಿಳಾ ಕಾಲೇಜಿನ ನಾಲ್ವರು ವಿದ್ಯಾರ್ಥಿನಿಯರು ಆಯ್ಕೆಯಾಗಿದ್ದು, ಪಂಜಾಬ್ ರಾಜ್ಯದ ಗುರುಕಾಶಿ ವಿಶ್ವವಿದ್ಯಾಲಯದಲ್ಲಿ ಜ.14 ರಿಂದ 17 ರವರೆಗೂ ನಡೆಯುವ ಅಖಿಲಭಾರತ ಅಂತರ ವಿಶ್ವವಿದ್ಯಾಲಯಗಳ ಮಹಿಳಾ ಕುಸ್ತಿ ಪಂದ್ಯಾವಳಿಯಲ್ಲಿ ಭಾಗವಹಿಸಲಿದ್ದಾರೆ ಎಂದು ಕಾಲೇಜಿನ ದೈಹಿಕ ಶಿಕ್ಷಣ ನಿರ್ದೇಶಕರು ತಿಳಿಸಿದ್ದಾರೆ. ಶ್ರೀ, ತೃತೀಯ ಬಿಕಾಂನ ಟಿ.ಎಸ್.ಗೌತಮಿ, ಪ್ರಥಮ ಬಿಎ ಯ ಶಶಿಕಲಾ ಆಯ್ಕೆಯಾಗಿದ್ದಾರೆ. ವಿದ್ಯಾರ್ಥಿನಿಯರ ಸಾಧನೆಗೆ ಪ್ರಾಂಶುಪಾಲರು, ಉಪನ್ಯಾಸಕರು ಹಾಗೂ ಸಿಬ್ಬಂದಿ ಅಭಿನಂದನೆ ಸಲ್ಲಿಸಿದ್ದಾರೆ. ಅಖಿಲಭಾರತ ಮಟ್ಟದ ಕುಸ್ತಿ ಪಂದ್ಯಾವಳಿಗೆ ಆಯ್ಕೆಯಾದ ವಿದ್ಯಾರ್ಥಿನಿಯರು ಉತ್ತಮ ಸಾಧನೆ ಮಾಡಲಿ ಎಂದು ಶುಭ ಹಾರೈಸಿದರು.
SUVARNA PALAR Kannada Daily, Published And Owned By GOVARDHAN.M. Printed By AMBARISH.J. Printed At ARN ENTERPRISES AND PRINTERS, Shed No.D1-3, Industrial Area, Clock Tower, Kolar -563101.
Published At BEHIND KSRTC DEPO, PRASHANTH NAGAR, CHICKBALLAPUR-562101. Editor : GOVARDHAN.M. Mob:9964411434. All Disputed Subject to Judicial CHICKBALLAPUR Only.
